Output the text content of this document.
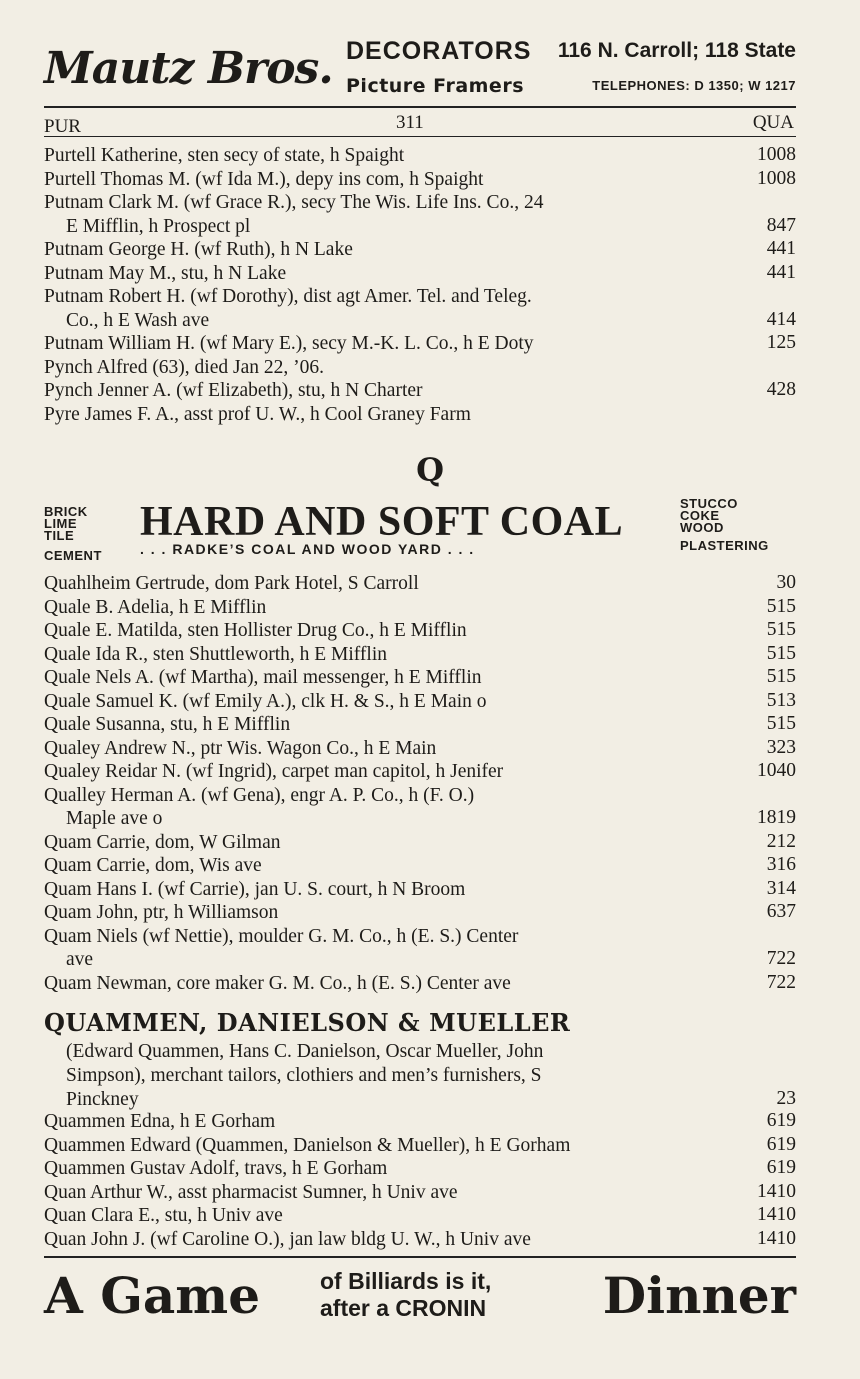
Mautz Bros. DECORATORS 116 N. Carroll; 118 State
Picture Framers	TELEPHONES: D 1350; W 1217
PUR	311	QUA
Purtell Katherine, sten secy of state, h Spaight	1008
Purtell Thomas M. (wf Ida M.), depy ins com, h Spaight	1008
Putnam Clark M. (wf Grace R.), secy The Wis. Life Ins. Co., 24
E Mifflin, h Prospect pl	847
Putnam George H. (wf Ruth), h N Lake	441
Putnam May M., stu, h N Lake	441
Putnam Robert H. (wf Dorothy), dist agt Amer. Tel. and Teleg.
Co., h E Wash ave	414
Putnam William H. (wf Mary E.), secy M.-K. L. Co., h E Doty	125
Pynch Alfred (63), died Jan 22, ’06.
Pynch Jenner A. (wf Elizabeth), stu, h N Charter	428
Pyre James F. A., asst prof U. W., h Cool Graney Farm
Q
BRICK
LIME
TILE
CEMENT
HARD AND SOFT COAL
. . . RADKE’S COAL AND WOOD YARD . . .
STUCCO
COKE
WOOD
PLASTERING
Quahlheim Gertrude, dom Park Hotel, S Carroll	30
Quale B. Adelia, h E Mifflin	515
Quale E. Matilda, sten Hollister Drug Co., h E Mifflin	515
Quale Ida R., sten Shuttleworth, h E Mifflin	515
Quale Nels A. (wf Martha), mail messenger, h E Mifflin	515
Quale Samuel K. (wf Emily A.), clk H. & S., h E Main o	513
Quale Susanna, stu, h E Mifflin	515
Qualey Andrew N., ptr Wis. Wagon Co., h E Main	323
Qualey Reidar N. (wf Ingrid), carpet man capitol, h Jenifer	1040
Qualley Herman A. (wf Gena), engr A. P. Co., h (F. O.)
Maple ave o	1819
Quam Carrie, dom, W Gilman	212
Quam Carrie, dom, Wis ave	316
Quam Hans I. (wf Carrie), jan U. S. court, h N Broom	314
Quam John, ptr, h Williamson	637
Quam Niels (wf Nettie), moulder G. M. Co., h (E. S.) Center
ave	722
Quam Newman, core maker G. M. Co., h (E. S.) Center ave	722
QUAMMEN, DANIELSON & MUELLER
(Edward Quammen, Hans C. Danielson, Oscar Mueller, John
Simpson), merchant tailors, clothiers and men’s furnishers, S
Pinckney	23
Quammen Edna, h E Gorham	619
Quammen Edward (Quammen, Danielson & Mueller), h E Gorham	619
Quammen Gustav Adolf, travs, h E Gorham	619
Quan Arthur W., asst pharmacist Sumner, h Univ ave	1410
Quan Clara E., stu, h Univ ave	1410
Quan John J. (wf Caroline O.), jan law bldg U. W., h Univ ave	1410
A Game	of Billiards is it,
after a CRONIN Dinner
